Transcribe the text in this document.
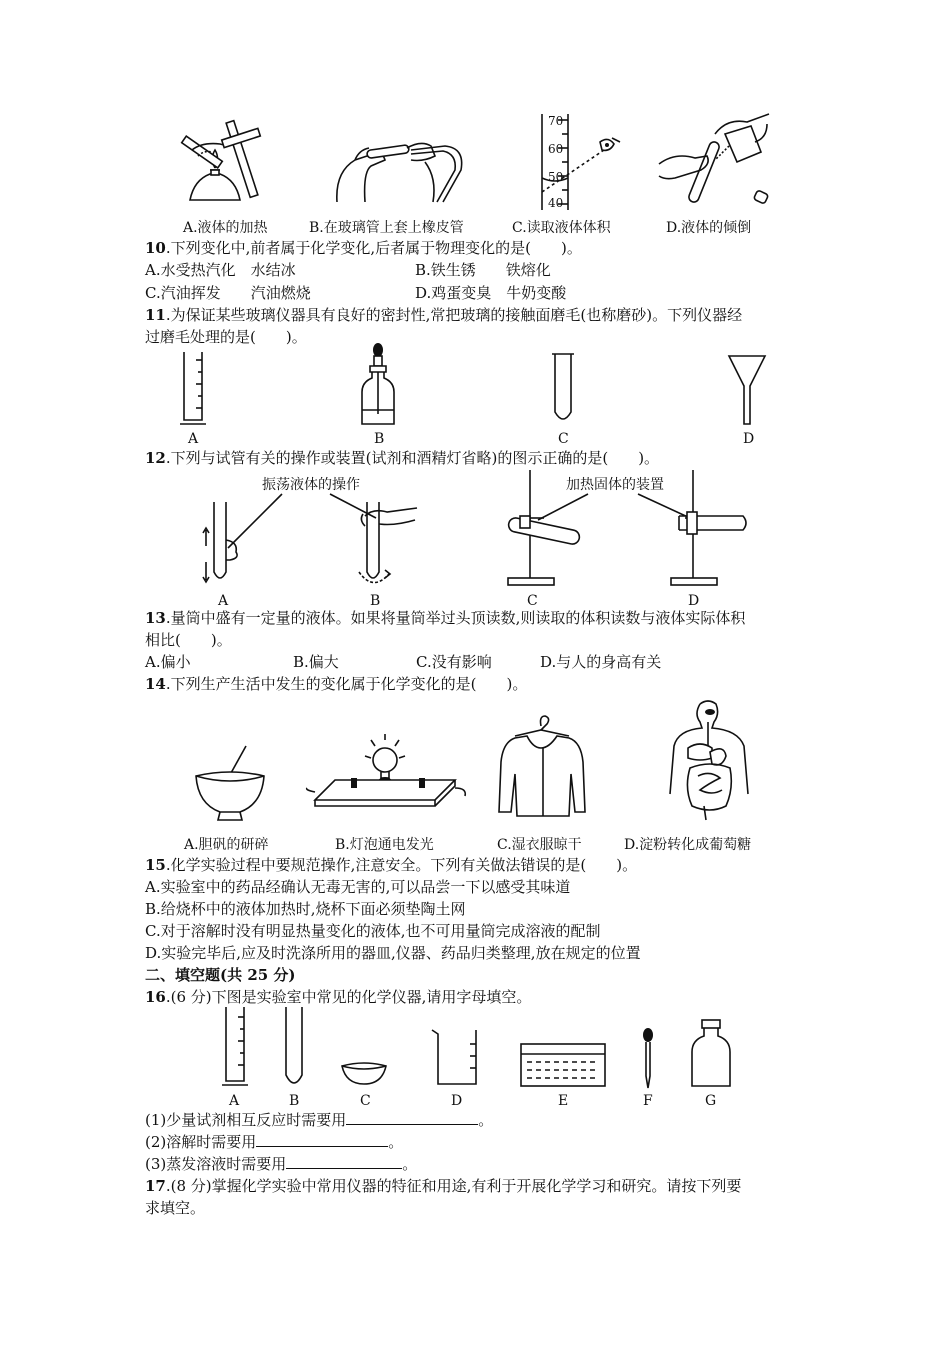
70
60
50
40
A.液体的加热	B.在玻璃管上套上橡皮管	C.读取液体体积	D.液体的倾倒
10.下列变化中,前者属于化学变化,后者属于物理变化的是(　　)。
A.水受热汽化　水结冰	B.铁生锈　　铁熔化
C.汽油挥发　　汽油燃烧	D.鸡蛋变臭　牛奶变酸
11.为保证某些玻璃仪器具有良好的密封性,常把玻璃的接触面磨毛(也称磨砂)。下列仪器经
过磨毛处理的是(　　)。
A	B	C	D
12.下列与试管有关的操作或装置(试剂和酒精灯省略)的图示正确的是(　　)。
振荡液体的操作	加热固体的装置
A	B	C	D
13.量筒中盛有一定量的液体。如果将量筒举过头顶读数,则读取的体积读数与液体实际体积
相比(　　)。
A.偏小	B.偏大	C.没有影响	D.与人的身高有关
14.下列生产生活中发生的变化属于化学变化的是(　　)。
A.胆矾的研碎	B.灯泡通电发光	C.湿衣服晾干	D.淀粉转化成葡萄糖
15.化学实验过程中要规范操作,注意安全。下列有关做法错误的是(　　)。
A.实验室中的药品经确认无毒无害的,可以品尝一下以感受其味道
B.给烧杯中的液体加热时,烧杯下面必须垫陶土网
C.对于溶解时没有明显热量变化的液体,也不可用量筒完成溶液的配制
D.实验完毕后,应及时洗涤所用的器皿,仪器、药品归类整理,放在规定的位置
二、填空题(共 25 分)
16.(6 分)下图是实验室中常见的化学仪器,请用字母填空。
A	B	C	D	E	F	G
(1)少量试剂相互反应时需要用	。
(2)溶解时需要用	。
(3)蒸发溶液时需要用	。
17.(8 分)掌握化学实验中常用仪器的特征和用途,有利于开展化学学习和研究。请按下列要
求填空。
